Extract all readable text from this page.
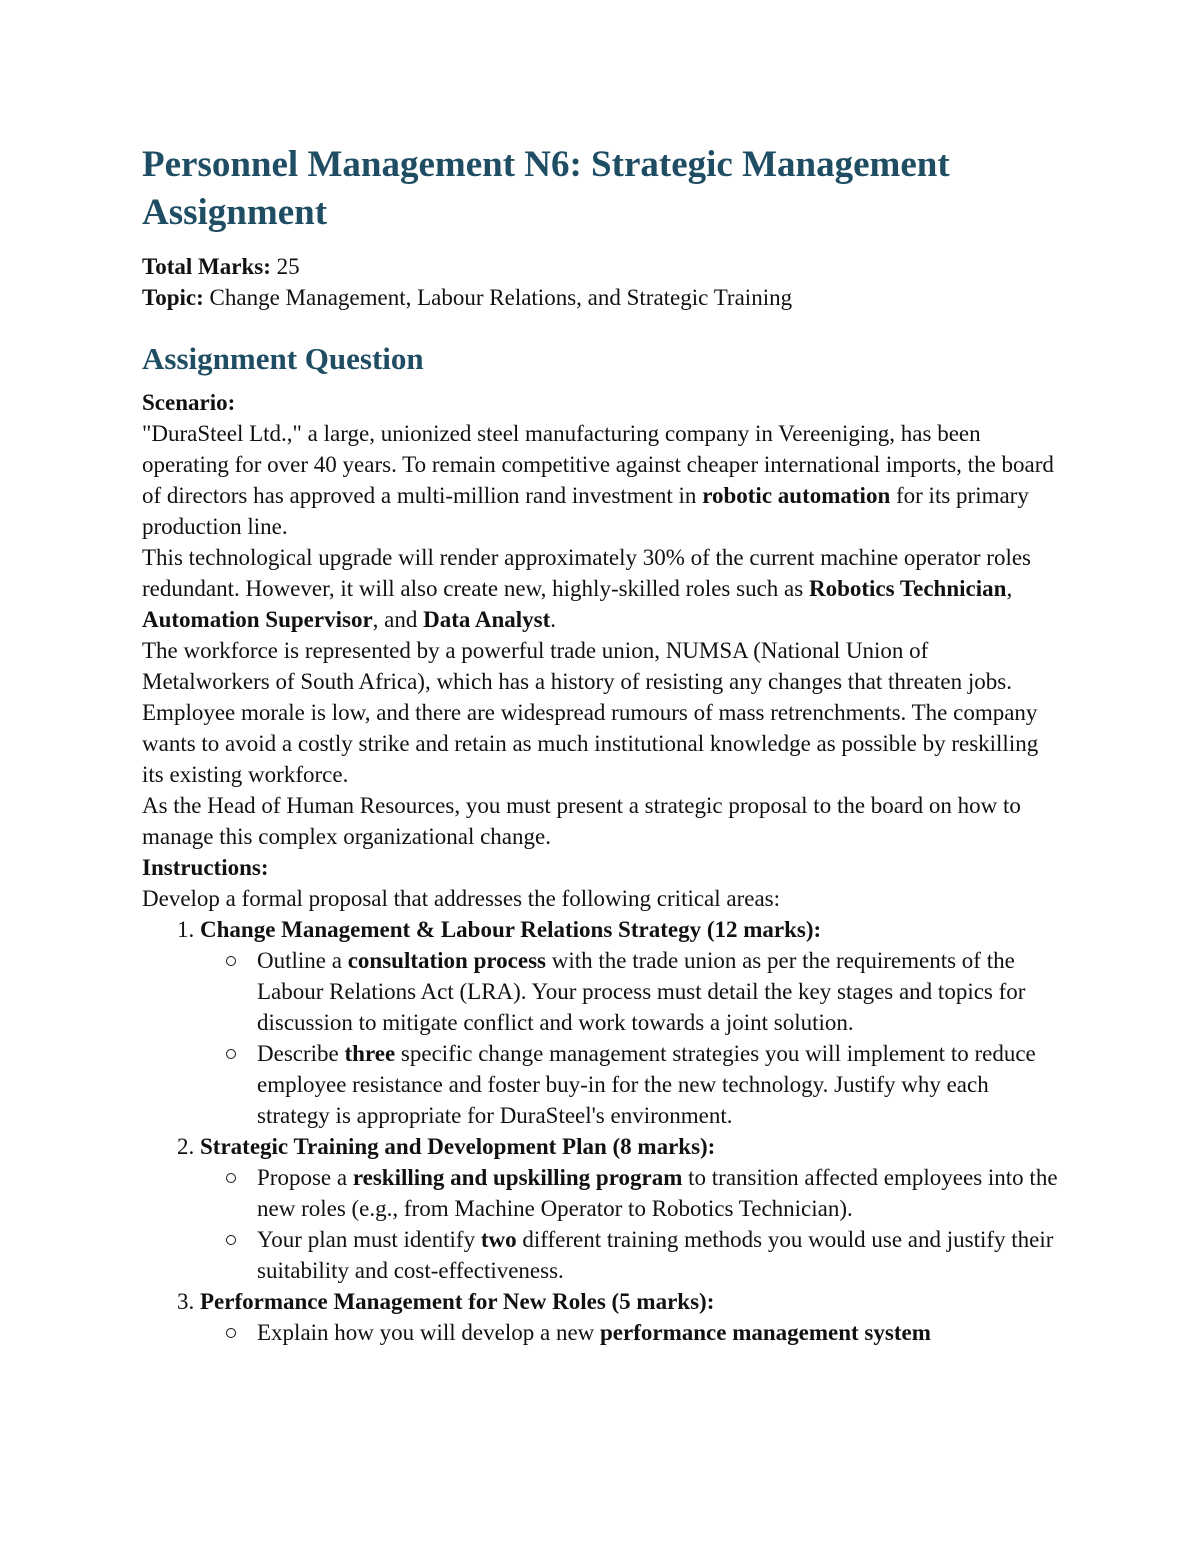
Personnel Management N6: Strategic Management Assignment

Total Marks: 25

Topic: Change Management, Labour Relations, and Strategic Training

Assignment Question

Scenario:

"DuraSteel Ltd.," a large, unionized steel manufacturing company in Vereeniging, has been operating for over 40 years. To remain competitive against cheaper international imports, the board of directors has approved a multi-million rand investment in robotic automation for its primary production line.

This technological upgrade will render approximately 30% of the current machine operator roles redundant. However, it will also create new, highly-skilled roles such as Robotics Technician, Automation Supervisor, and Data Analyst.

The workforce is represented by a powerful trade union, NUMSA (National Union of Metalworkers of South Africa), which has a history of resisting any changes that threaten jobs. Employee morale is low, and there are widespread rumours of mass retrenchments. The company wants to avoid a costly strike and retain as much institutional knowledge as possible by reskilling its existing workforce.

As the Head of Human Resources, you must present a strategic proposal to the board on how to manage this complex organizational change.

Instructions:

Develop a formal proposal that addresses the following critical areas:

1. Change Management & Labour Relations Strategy (12 marks):
Outline a consultation process with the trade union as per the requirements of the Labour Relations Act (LRA). Your process must detail the key stages and topics for discussion to mitigate conflict and work towards a joint solution.
Describe three specific change management strategies you will implement to reduce employee resistance and foster buy-in for the new technology. Justify why each strategy is appropriate for DuraSteel's environment.
2. Strategic Training and Development Plan (8 marks):
Propose a reskilling and upskilling program to transition affected employees into the new roles (e.g., from Machine Operator to Robotics Technician).
Your plan must identify two different training methods you would use and justify their suitability and cost-effectiveness.
3. Performance Management for New Roles (5 marks):
Explain how you will develop a new performance management system
